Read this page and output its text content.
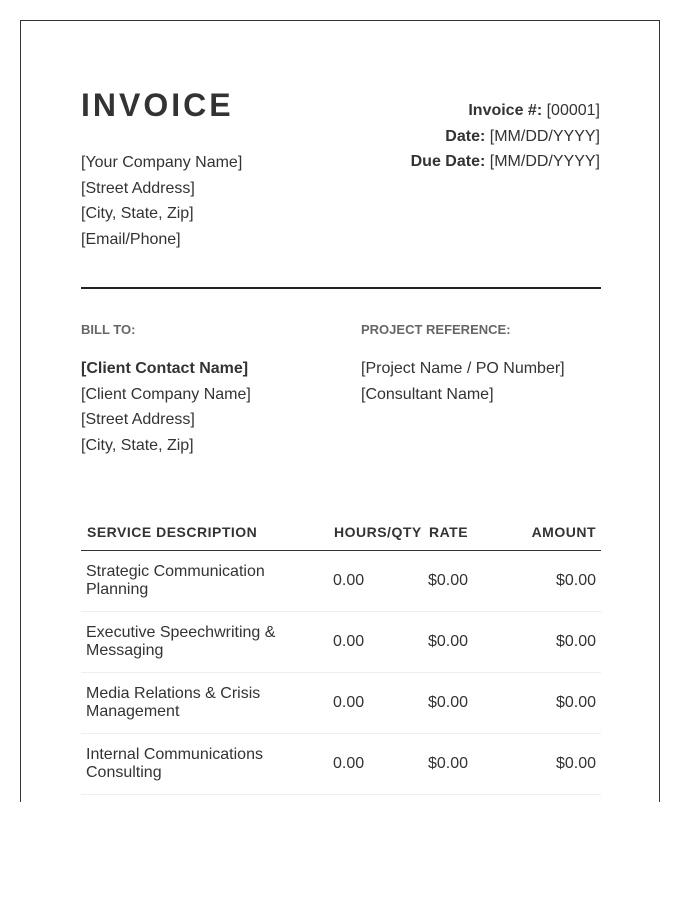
INVOICE
[Your Company Name]
[Street Address]
[City, State, Zip]
[Email/Phone]
Invoice #: [00001]
Date: [MM/DD/YYYY]
Due Date: [MM/DD/YYYY]
BILL TO:	PROJECT REFERENCE:
[Client Contact Name]
[Client Company Name]
[Street Address]
[City, State, Zip]
[Project Name / PO Number]
[Consultant Name]
SERVICE DESCRIPTION	HOURS/QTY	RATE	AMOUNT

Strategic Communication
Planning	0.00	$0.00	$0.00

Executive Speechwriting &
Messaging	0.00	$0.00	$0.00

Media Relations & Crisis
Management	0.00	$0.00	$0.00

Internal Communications
Consulting	0.00	$0.00	$0.00
